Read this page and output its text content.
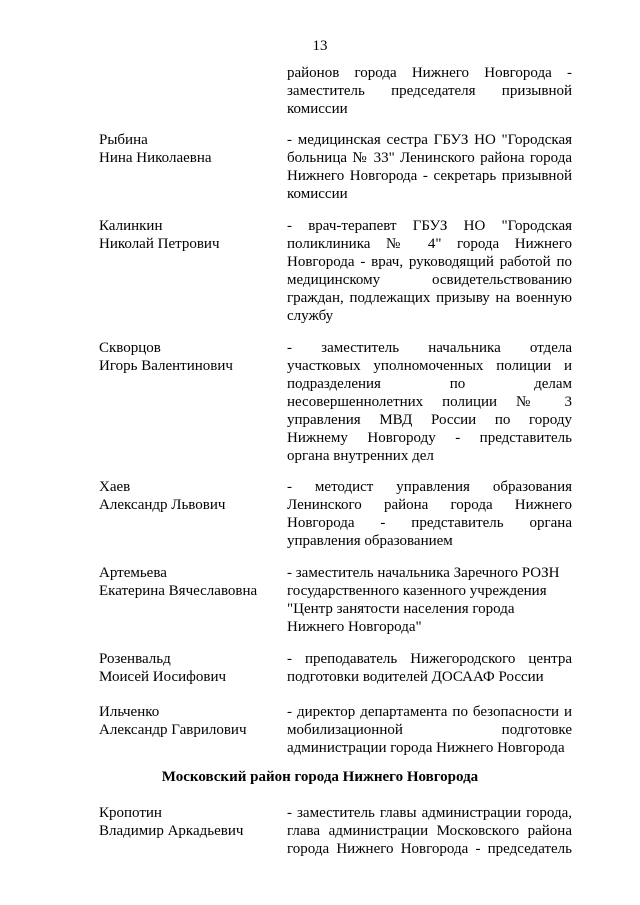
13
районов города Нижнего Новгорода -
заместитель председателя призывной
комиссии
Рыбина
Нина Николаевна
- медицинская сестра ГБУЗ НО "Городская
больница № 33" Ленинского района города
Нижнего Новгорода - секретарь призывной
комиссии
Калинкин
Николай Петрович
- врач-терапевт ГБУЗ НО "Городская
поликлиника № 4" города Нижнего
Новгорода - врач, руководящий работой по
медицинскому освидетельствованию
граждан, подлежащих призыву на военную
службу
Скворцов
Игорь Валентинович
- заместитель начальника отдела
участковых уполномоченных полиции и
подразделения по делам
несовершеннолетних полиции № 3
управления МВД России по городу
Нижнему Новгороду - представитель
органа внутренних дел
Хаев
Александр Львович
- методист управления образования
Ленинского района города Нижнего
Новгорода - представитель органа
управления образованием
Артемьева
Екатерина Вячеславовна
- заместитель начальника Заречного РОЗН
государственного казенного учреждения
"Центр занятости населения города
Нижнего Новгорода"
Розенвальд
Моисей Иосифович
- преподаватель Нижегородского центра
подготовки водителей ДОСААФ России
Ильченко
Александр Гаврилович
- директор департамента по безопасности и
мобилизационной подготовке
администрации города Нижнего Новгорода
Московский район города Нижнего Новгорода
Кропотин
Владимир Аркадьевич
- заместитель главы администрации города,
глава администрации Московского района
города Нижнего Новгорода - председатель
